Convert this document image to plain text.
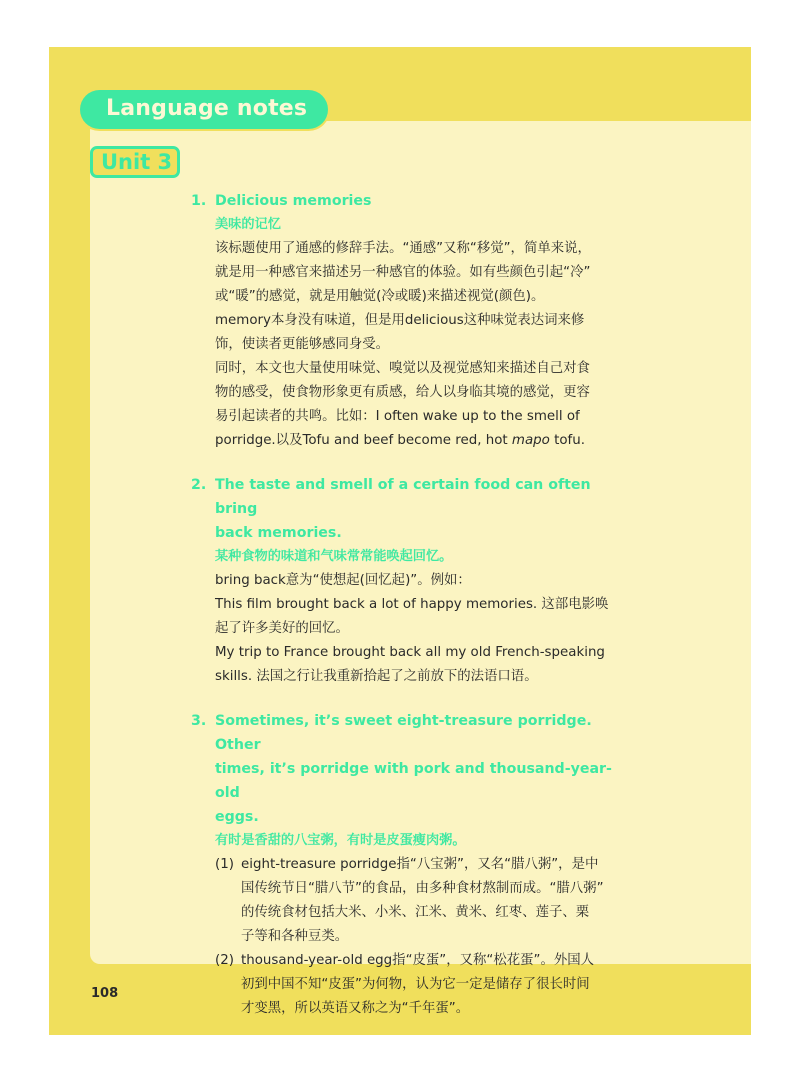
Language notes
Unit 3
1. Delicious memories
美味的记忆
该标题使用了通感的修辞手法。“通感”又称“移觉”，简单来说，
就是用一种感官来描述另一种感官的体验。如有些颜色引起“冷”
或“暖”的感觉，就是用触觉(冷或暖)来描述视觉(颜色)。
memory本身没有味道，但是用delicious这种味觉表达词来修
饰，使读者更能够感同身受。
同时，本文也大量使用味觉、嗅觉以及视觉感知来描述自己对食
物的感受，使食物形象更有质感，给人以身临其境的感觉，更容
易引起读者的共鸣。比如：I often wake up to the smell of
porridge.以及Tofu and beef become red, hot mapo tofu.
2. The taste and smell of a certain food can often bring
back memories.
某种食物的味道和气味常常能唤起回忆。
bring back意为“使想起(回忆起)”。例如：
This film brought back a lot of happy memories. 这部电影唤
起了许多美好的回忆。
My trip to France brought back all my old French-speaking
skills. 法国之行让我重新拾起了之前放下的法语口语。
3. Sometimes, it’s sweet eight-treasure porridge. Other
times, it’s porridge with pork and thousand-year-old
eggs.
有时是香甜的八宝粥，有时是皮蛋瘦肉粥。
(1) eight-treasure porridge指“八宝粥”，又名“腊八粥”，是中
国传统节日“腊八节”的食品，由多种食材熬制而成。“腊八粥”
的传统食材包括大米、小米、江米、黄米、红枣、莲子、栗
子等和各种豆类。
(2) thousand-year-old egg指“皮蛋”，又称“松花蛋”。外国人
初到中国不知“皮蛋”为何物，认为它一定是储存了很长时间
才变黑，所以英语又称之为“千年蛋”。
108
